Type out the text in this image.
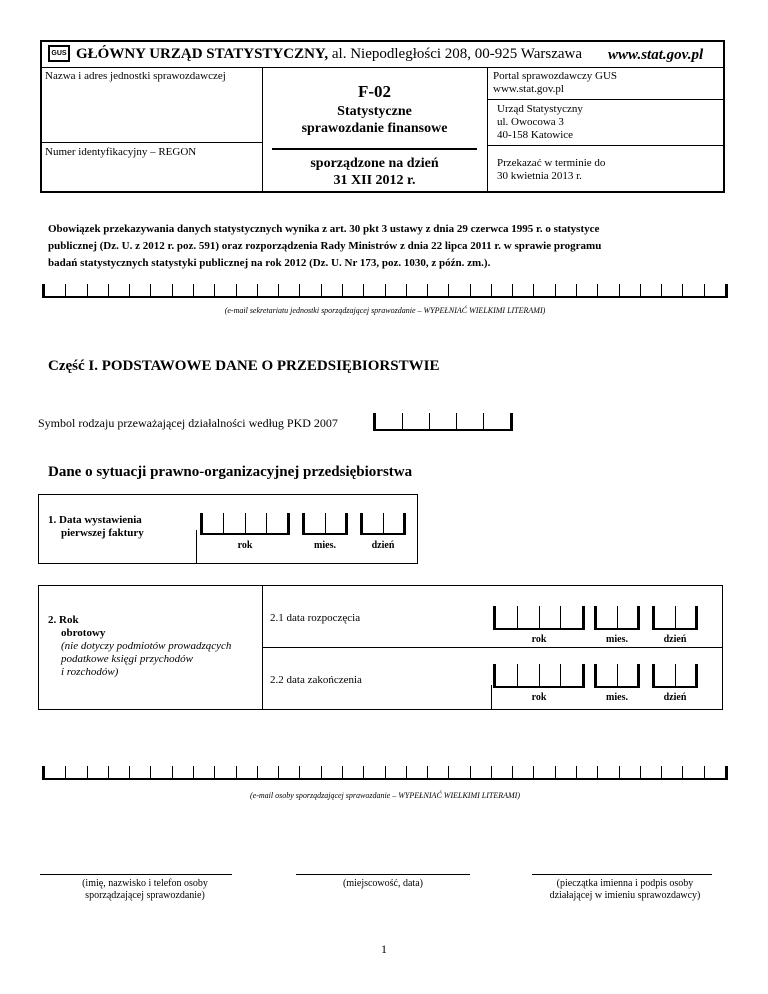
GUS GŁÓWNY URZĄD STATYSTYCZNY, al. Niepodległości 208, 00-925 Warszawa www.stat.gov.pl
Nazwa i adres jednostki sprawozdawczej
Numer identyfikacyjny – REGON
F-02
Statystyczne
sprawozdanie finansowe
sporządzone na dzień
31 XII 2012 r.
Portal sprawozdawczy GUS
www.stat.gov.pl
Urząd Statystyczny
ul. Owocowa 3
40-158 Katowice
Przekazać w terminie do
30 kwietnia 2013 r.
Obowiązek przekazywania danych statystycznych wynika z art. 30 pkt 3 ustawy z dnia 29 czerwca 1995 r. o statystyce
publicznej (Dz. U. z 2012 r. poz. 591) oraz rozporządzenia Rady Ministrów z dnia 22 lipca 2011 r. w sprawie programu
badań statystycznych statystyki publicznej na rok 2012 (Dz. U. Nr 173, poz. 1030, z późn. zm.).
(e-mail sekretariatu jednostki sporządzającej sprawozdanie – WYPEŁNIAĆ WIELKIMI LITERAMI)
Część I. PODSTAWOWE DANE O PRZEDSIĘBIORSTWIE
Symbol rodzaju przeważającej działalności według PKD 2007
Dane o sytuacji prawno-organizacyjnej przedsiębiorstwa
1. Data wystawienia
pierwszej faktury
rok	mies.	dzień
2. Rok
obrotowy
(nie dotyczy podmiotów prowadzących
podatkowe księgi przychodów
i rozchodów)
2.1 data rozpoczęcia
rok	mies.	dzień
2.2 data zakończenia
rok	mies.	dzień
(e-mail osoby sporządzającej sprawozdanie – WYPEŁNIAĆ WIELKIMI LITERAMI)
(imię, nazwisko i telefon osoby
sporządzającej sprawozdanie)
(miejscowość, data)	(pieczątka imienna i podpis osoby
działającej w imieniu sprawozdawcy)
1
